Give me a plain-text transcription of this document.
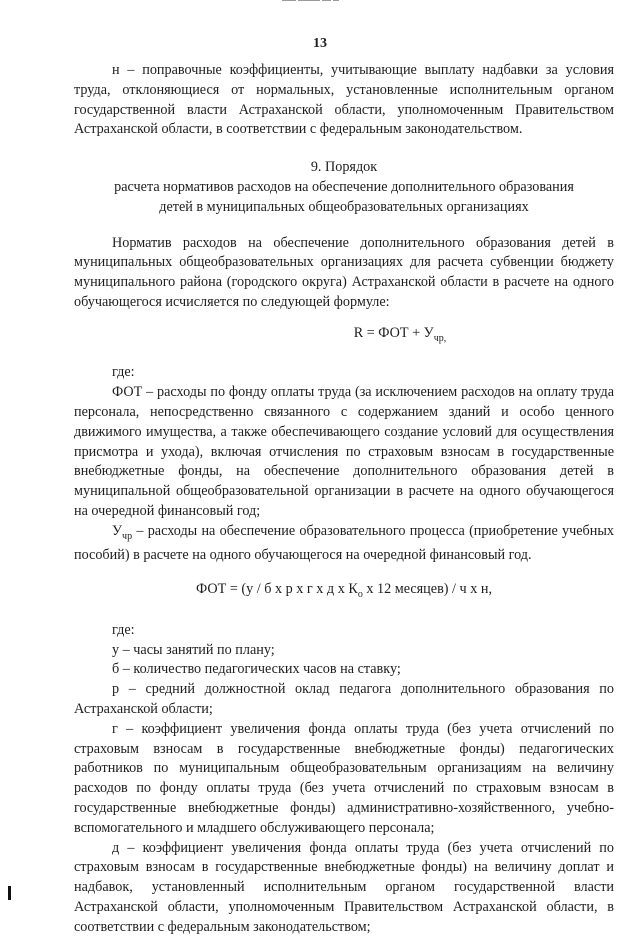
13

н – поправочные коэффициенты, учитывающие выплату надбавки за условия труда, отклоняющиеся от нормальных, установленные исполнительным органом государственной власти Астраханской области, уполномоченным Правительством Астраханской области, в соответствии с федеральным законодательством.

9. Порядок
расчета нормативов расходов на обеспечение дополнительного образования
детей в муниципальных общеобразовательных организациях

Норматив расходов на обеспечение дополнительного образования детей в муниципальных общеобразовательных организациях для расчета субвенции бюджету муниципального района (городского округа) Астраханской области в расчете на одного обучающегося исчисляется по следующей формуле:

R = ФОТ + $У_{чр,}$

где:

ФОТ – расходы по фонду оплаты труда (за исключением расходов на оплату труда персонала, непосредственно связанного с содержанием зданий и особо ценного движимого имущества, а также обеспечивающего создание условий для осуществления присмотра и ухода), включая отчисления по страховым взносам в государственные внебюджетные фонды, на обеспечение дополнительного образования детей в муниципальной общеобразовательной организации в расчете на одного обучающегося на очередной финансовый год;

$У_{чр}$ – расходы на обеспечение образовательного процесса (приобретение учебных пособий) в расчете на одного обучающегося на очередной финансовый год.

ФОТ = (у / б х р х г х д х $К_о$ х 12 месяцев) / ч х н,

где:

у – часы занятий по плану;

б – количество педагогических часов на ставку;

р – средний должностной оклад педагога дополнительного образования по Астраханской области;

г – коэффициент увеличения фонда оплаты труда (без учета отчислений по страховым взносам в государственные внебюджетные фонды) педагогических работников по муниципальным общеобразовательным организациям на величину расходов по фонду оплаты труда (без учета отчислений по страховым взносам в государственные внебюджетные фонды) административно-хозяйственного, учебно-вспомогательного и младшего обслуживающего персонала;

д – коэффициент увеличения фонда оплаты труда (без учета отчислений по страховым взносам в государственные внебюджетные фонды) на величину доплат и надбавок, установленный исполнительным органом государственной власти Астраханской области, уполномоченным Правительством Астраханской области, в соответствии с федеральным законодательством;
